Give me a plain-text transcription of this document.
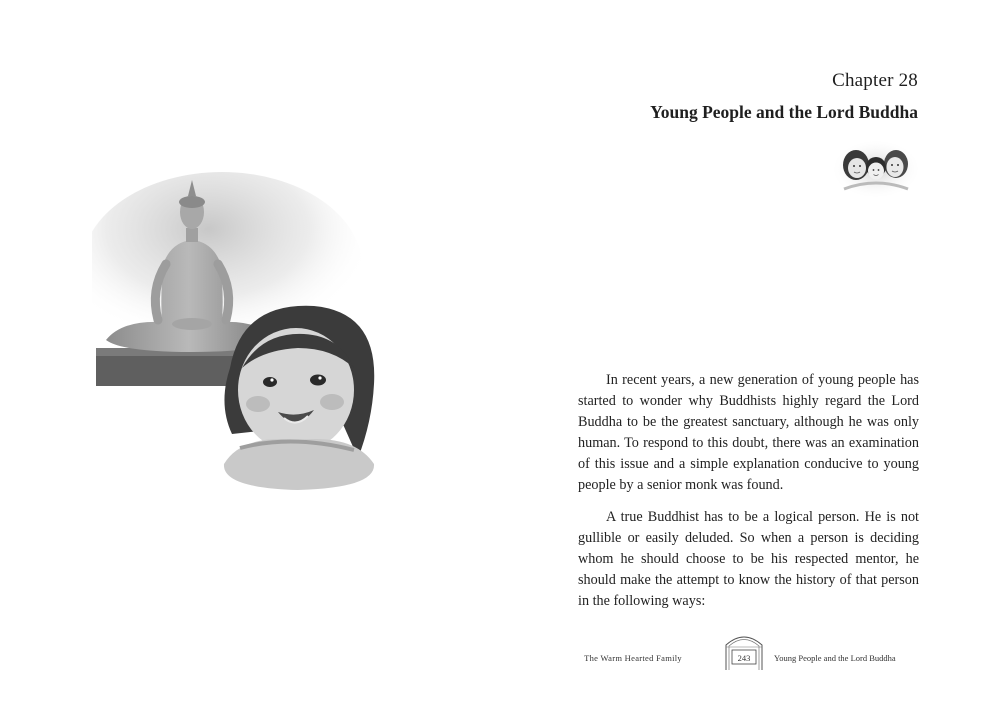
Chapter 28
Young People and the Lord Buddha

In recent years, a new generation of young people has started to wonder why Buddhists highly regard the Lord Buddha to be the greatest sanctuary, although he was only human. To respond to this doubt, there was an examination of this issue and a simple explanation conducive to young people by a senior monk was found.

A true Buddhist has to be a logical person. He is not gullible or easily deluded. So when a person is deciding whom he should choose to be his respected mentor, he should make the attempt to know the history of that person in the following ways:

The Warm Hearted Family	243	Young People and the Lord Buddha
